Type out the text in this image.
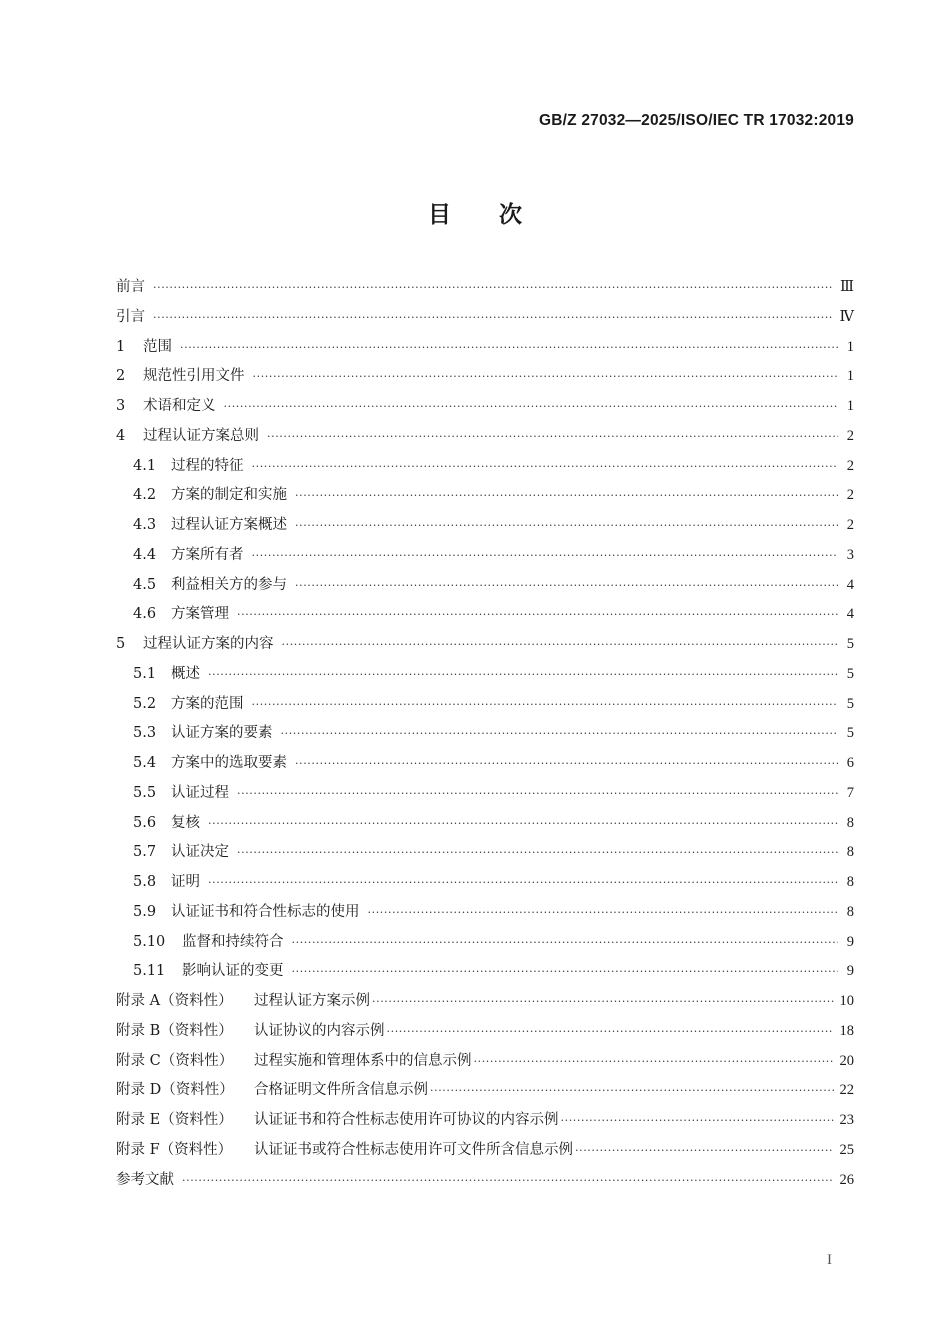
GB/Z 27032—2025/ISO/IEC TR 17032:2019
目次
前言 ·····	Ⅲ
引言 ·····	Ⅳ
1	范围 ·····	1
2	规范性引用文件 ·····	1
3	术语和定义 ·····	1
4	过程认证方案总则 ·····	2
4.1	过程的特征 ·····	2
4.2	方案的制定和实施 ·····	2
4.3	过程认证方案概述 ·····	2
4.4	方案所有者 ·····	3
4.5	利益相关方的参与 ·····	4
4.6	方案管理 ·····	4
5	过程认证方案的内容 ·····	5
5.1	概述 ·····	5
5.2	方案的范围 ·····	5
5.3	认证方案的要素 ·····	5
5.4	方案中的选取要素 ·····	6
5.5	认证过程 ·····	7
5.6	复核 ·····	8
5.7	认证决定 ·····	8
5.8	证明 ·····	8
5.9	认证证书和符合性标志的使用 ·····	8
5.10	监督和持续符合 ·····	9
5.11	影响认证的变更 ·····	9
附录 A（资料性）	过程认证方案示例 ·····	10
附录 B（资料性）	认证协议的内容示例 ·····	18
附录 C（资料性）	过程实施和管理体系中的信息示例 ·····	20
附录 D（资料性）	合格证明文件所含信息示例 ·····	22
附录 E（资料性）	认证证书和符合性标志使用许可协议的内容示例 ·····	23
附录 F（资料性）	认证证书或符合性标志使用许可文件所含信息示例 ·····	25
参考文献 ·····	26
I
